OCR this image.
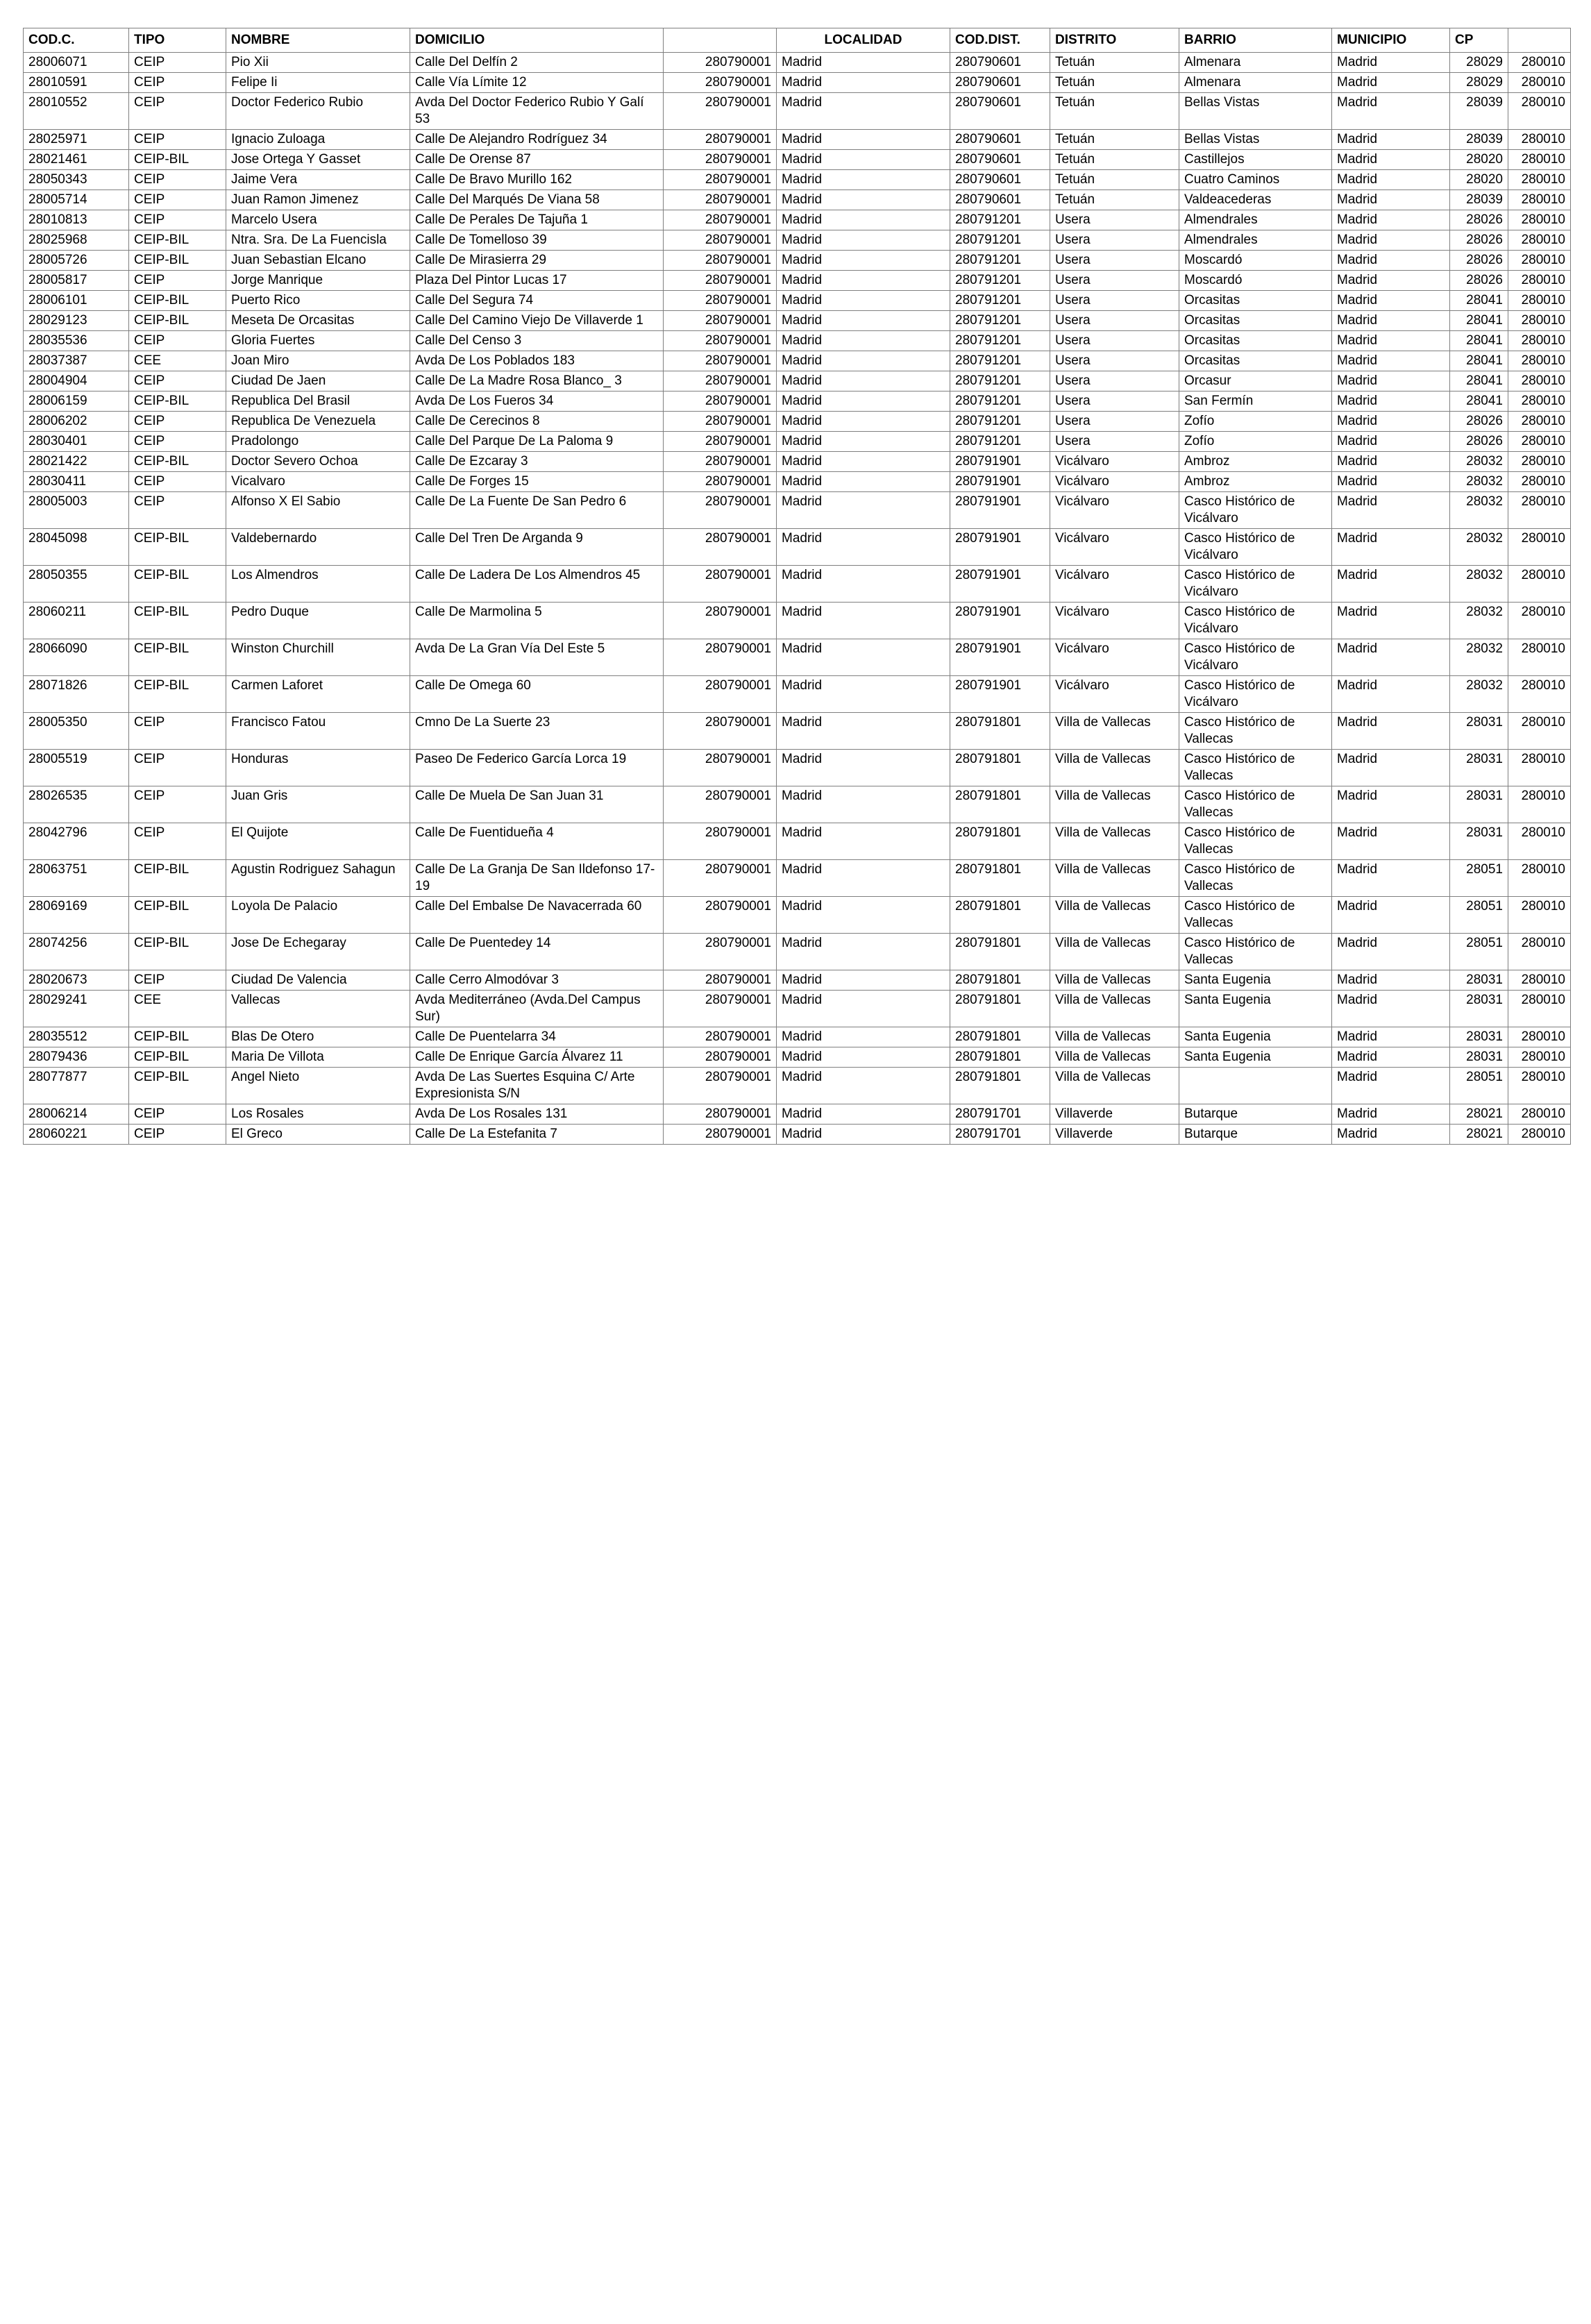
COD.C.	TIPO	NOMBRE	DOMICILIO		LOCALIDAD	COD.DIST.	DISTRITO	BARRIO	MUNICIPIO	CP	
28006071	CEIP	Pio Xii	Calle Del Delfín 2	280790001	Madrid	280790601	Tetuán	Almenara	Madrid	28029	280010
28010591	CEIP	Felipe Ii	Calle Vía Límite 12	280790001	Madrid	280790601	Tetuán	Almenara	Madrid	28029	280010
28010552	CEIP	Doctor Federico Rubio	Avda Del Doctor Federico Rubio Y Galí 53	280790001	Madrid	280790601	Tetuán	Bellas Vistas	Madrid	28039	280010
28025971	CEIP	Ignacio Zuloaga	Calle De Alejandro Rodríguez 34	280790001	Madrid	280790601	Tetuán	Bellas Vistas	Madrid	28039	280010
28021461	CEIP-BIL	Jose Ortega Y Gasset	Calle De Orense 87	280790001	Madrid	280790601	Tetuán	Castillejos	Madrid	28020	280010
28050343	CEIP	Jaime Vera	Calle De Bravo Murillo 162	280790001	Madrid	280790601	Tetuán	Cuatro Caminos	Madrid	28020	280010
28005714	CEIP	Juan Ramon Jimenez	Calle Del Marqués De Viana 58	280790001	Madrid	280790601	Tetuán	Valdeacederas	Madrid	28039	280010
28010813	CEIP	Marcelo Usera	Calle De Perales De Tajuña 1	280790001	Madrid	280791201	Usera	Almendrales	Madrid	28026	280010
28025968	CEIP-BIL	Ntra. Sra. De La Fuencisla	Calle De Tomelloso 39	280790001	Madrid	280791201	Usera	Almendrales	Madrid	28026	280010
28005726	CEIP-BIL	Juan Sebastian Elcano	Calle De Mirasierra 29	280790001	Madrid	280791201	Usera	Moscardó	Madrid	28026	280010
28005817	CEIP	Jorge Manrique	Plaza Del Pintor Lucas 17	280790001	Madrid	280791201	Usera	Moscardó	Madrid	28026	280010
28006101	CEIP-BIL	Puerto Rico	Calle Del Segura 74	280790001	Madrid	280791201	Usera	Orcasitas	Madrid	28041	280010
28029123	CEIP-BIL	Meseta De Orcasitas	Calle Del Camino Viejo De Villaverde 1	280790001	Madrid	280791201	Usera	Orcasitas	Madrid	28041	280010
28035536	CEIP	Gloria Fuertes	Calle Del Censo 3	280790001	Madrid	280791201	Usera	Orcasitas	Madrid	28041	280010
28037387	CEE	Joan Miro	Avda De Los Poblados 183	280790001	Madrid	280791201	Usera	Orcasitas	Madrid	28041	280010
28004904	CEIP	Ciudad De Jaen	Calle De La Madre Rosa Blanco_ 3	280790001	Madrid	280791201	Usera	Orcasur	Madrid	28041	280010
28006159	CEIP-BIL	Republica Del Brasil	Avda De Los Fueros 34	280790001	Madrid	280791201	Usera	San Fermín	Madrid	28041	280010
28006202	CEIP	Republica De Venezuela	Calle De Cerecinos 8	280790001	Madrid	280791201	Usera	Zofío	Madrid	28026	280010
28030401	CEIP	Pradolongo	Calle Del Parque De La Paloma 9	280790001	Madrid	280791201	Usera	Zofío	Madrid	28026	280010
28021422	CEIP-BIL	Doctor Severo Ochoa	Calle De Ezcaray 3	280790001	Madrid	280791901	Vicálvaro	Ambroz	Madrid	28032	280010
28030411	CEIP	Vicalvaro	Calle De Forges 15	280790001	Madrid	280791901	Vicálvaro	Ambroz	Madrid	28032	280010
28005003	CEIP	Alfonso X El Sabio	Calle De La Fuente De San Pedro 6	280790001	Madrid	280791901	Vicálvaro	Casco Histórico de Vicálvaro	Madrid	28032	280010
28045098	CEIP-BIL	Valdebernardo	Calle Del Tren De Arganda 9	280790001	Madrid	280791901	Vicálvaro	Casco Histórico de Vicálvaro	Madrid	28032	280010
28050355	CEIP-BIL	Los Almendros	Calle De Ladera De Los Almendros 45	280790001	Madrid	280791901	Vicálvaro	Casco Histórico de Vicálvaro	Madrid	28032	280010
28060211	CEIP-BIL	Pedro Duque	Calle De Marmolina 5	280790001	Madrid	280791901	Vicálvaro	Casco Histórico de Vicálvaro	Madrid	28032	280010
28066090	CEIP-BIL	Winston Churchill	Avda De La Gran Vía Del Este 5	280790001	Madrid	280791901	Vicálvaro	Casco Histórico de Vicálvaro	Madrid	28032	280010
28071826	CEIP-BIL	Carmen Laforet	Calle De Omega 60	280790001	Madrid	280791901	Vicálvaro	Casco Histórico de Vicálvaro	Madrid	28032	280010
28005350	CEIP	Francisco Fatou	Cmno De La Suerte 23	280790001	Madrid	280791801	Villa de Vallecas	Casco Histórico de Vallecas	Madrid	28031	280010
28005519	CEIP	Honduras	Paseo De Federico García Lorca 19	280790001	Madrid	280791801	Villa de Vallecas	Casco Histórico de Vallecas	Madrid	28031	280010
28026535	CEIP	Juan Gris	Calle De Muela De San Juan 31	280790001	Madrid	280791801	Villa de Vallecas	Casco Histórico de Vallecas	Madrid	28031	280010
28042796	CEIP	El Quijote	Calle De Fuentidueña 4	280790001	Madrid	280791801	Villa de Vallecas	Casco Histórico de Vallecas	Madrid	28031	280010
28063751	CEIP-BIL	Agustin Rodriguez Sahagun	Calle De La Granja De San Ildefonso 17-19	280790001	Madrid	280791801	Villa de Vallecas	Casco Histórico de Vallecas	Madrid	28051	280010
28069169	CEIP-BIL	Loyola De Palacio	Calle Del Embalse De Navacerrada 60	280790001	Madrid	280791801	Villa de Vallecas	Casco Histórico de Vallecas	Madrid	28051	280010
28074256	CEIP-BIL	Jose De Echegaray	Calle De Puentedey 14	280790001	Madrid	280791801	Villa de Vallecas	Casco Histórico de Vallecas	Madrid	28051	280010
28020673	CEIP	Ciudad De Valencia	Calle Cerro Almodóvar 3	280790001	Madrid	280791801	Villa de Vallecas	Santa Eugenia	Madrid	28031	280010
28029241	CEE	Vallecas	Avda Mediterráneo (Avda.Del Campus Sur)	280790001	Madrid	280791801	Villa de Vallecas	Santa Eugenia	Madrid	28031	280010
28035512	CEIP-BIL	Blas De Otero	Calle De Puentelarra 34	280790001	Madrid	280791801	Villa de Vallecas	Santa Eugenia	Madrid	28031	280010
28079436	CEIP-BIL	Maria De Villota	Calle De Enrique García Álvarez 11	280790001	Madrid	280791801	Villa de Vallecas	Santa Eugenia	Madrid	28031	280010
28077877	CEIP-BIL	Angel Nieto	Avda De Las Suertes Esquina C/ Arte Expresionista S/N	280790001	Madrid	280791801	Villa de Vallecas		Madrid	28051	280010
28006214	CEIP	Los Rosales	Avda De Los Rosales 131	280790001	Madrid	280791701	Villaverde	Butarque	Madrid	28021	280010
28060221	CEIP	El Greco	Calle De La Estefanita 7	280790001	Madrid	280791701	Villaverde	Butarque	Madrid	28021	280010
